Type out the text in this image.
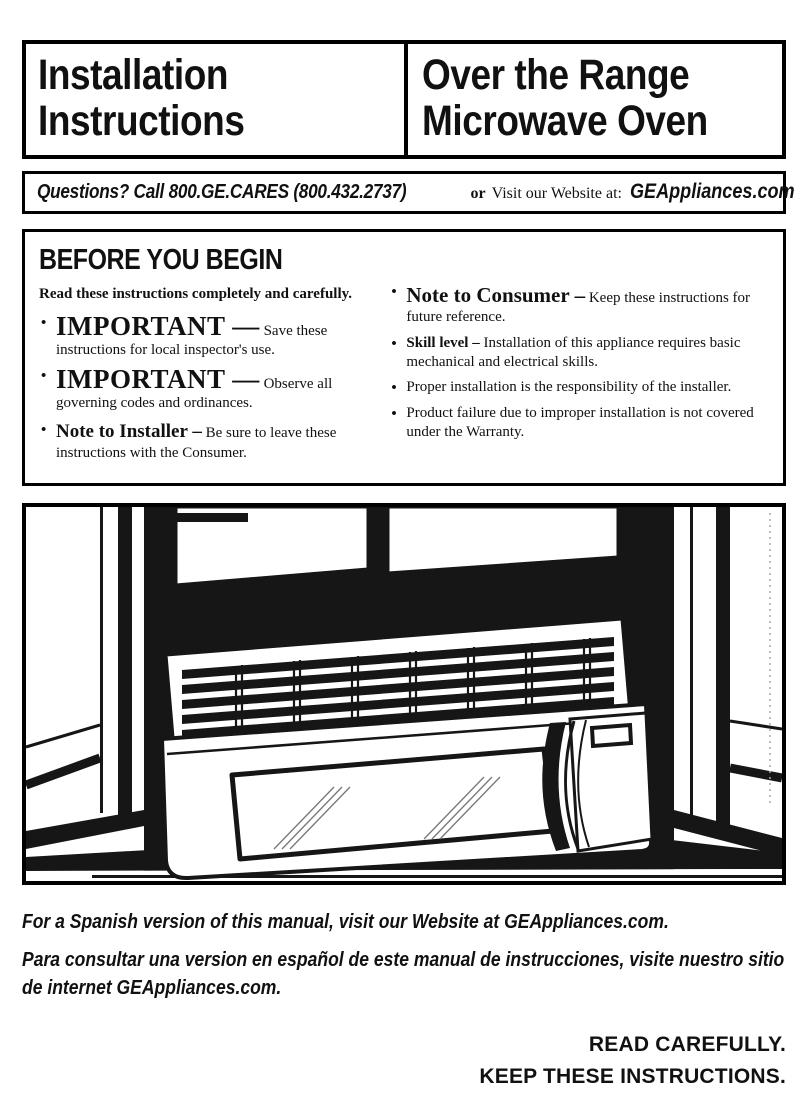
Installation
Instructions
Over the Range
Microwave Oven
Questions? Call 800.GE.CARES (800.432.2737)	or Visit our Website at: GEAppliances.com
BEFORE YOU BEGIN

Read these instructions completely and carefully.

• IMPORTANT — Save these instructions for local inspector's use.
• IMPORTANT — Observe all governing codes and ordinances.
• Note to Installer – Be sure to leave these instructions with the Consumer.
• Note to Consumer – Keep these instructions for future reference.
• Skill level – Installation of this appliance requires basic mechanical and electrical skills.
• Proper installation is the responsibility of the installer.
• Product failure due to improper installation is not covered under the Warranty.

For a Spanish version of this manual, visit our Website at GEAppliances.com.

Para consultar una version en español de este manual de instrucciones, visite nuestro sitio de internet GEAppliances.com.

READ CAREFULLY.
KEEP THESE INSTRUCTIONS.
